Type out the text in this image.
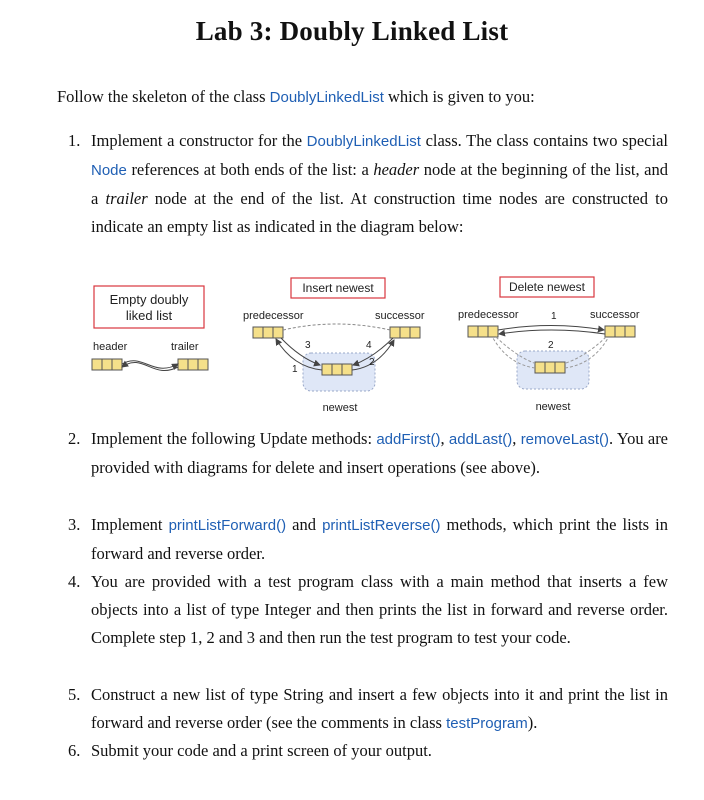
Lab 3: Doubly Linked List
Follow the skeleton of the class DoublyLinkedList which is given to you:
1. Implement a constructor for the DoublyLinkedList class. The class contains two special Node references at both ends of the list: a header node at the beginning of the list, and a trailer node at the end of the list. At construction time nodes are constructed to indicate an empty list as indicated in the diagram below:
Empty doubly
liked list
header	trailer
Insert newest
predecessor	successor
1
2
3	4
newest
Delete newest
predecessor	1	successor
2
newest
2. Implement the following Update methods: addFirst(), addLast(), removeLast(). You are provided with diagrams for delete and insert operations (see above).
3. Implement printListForward() and printListReverse() methods, which print the lists in forward and reverse order.
4. You are provided with a test program class with a main method that inserts a few objects into a list of type Integer and then prints the list in forward and reverse order. Complete step 1, 2 and 3 and then run the test program to test your code.
5. Construct a new list of type String and insert a few objects into it and print the list in forward and reverse order (see the comments in class testProgram).
6. Submit your code and a print screen of your output.
